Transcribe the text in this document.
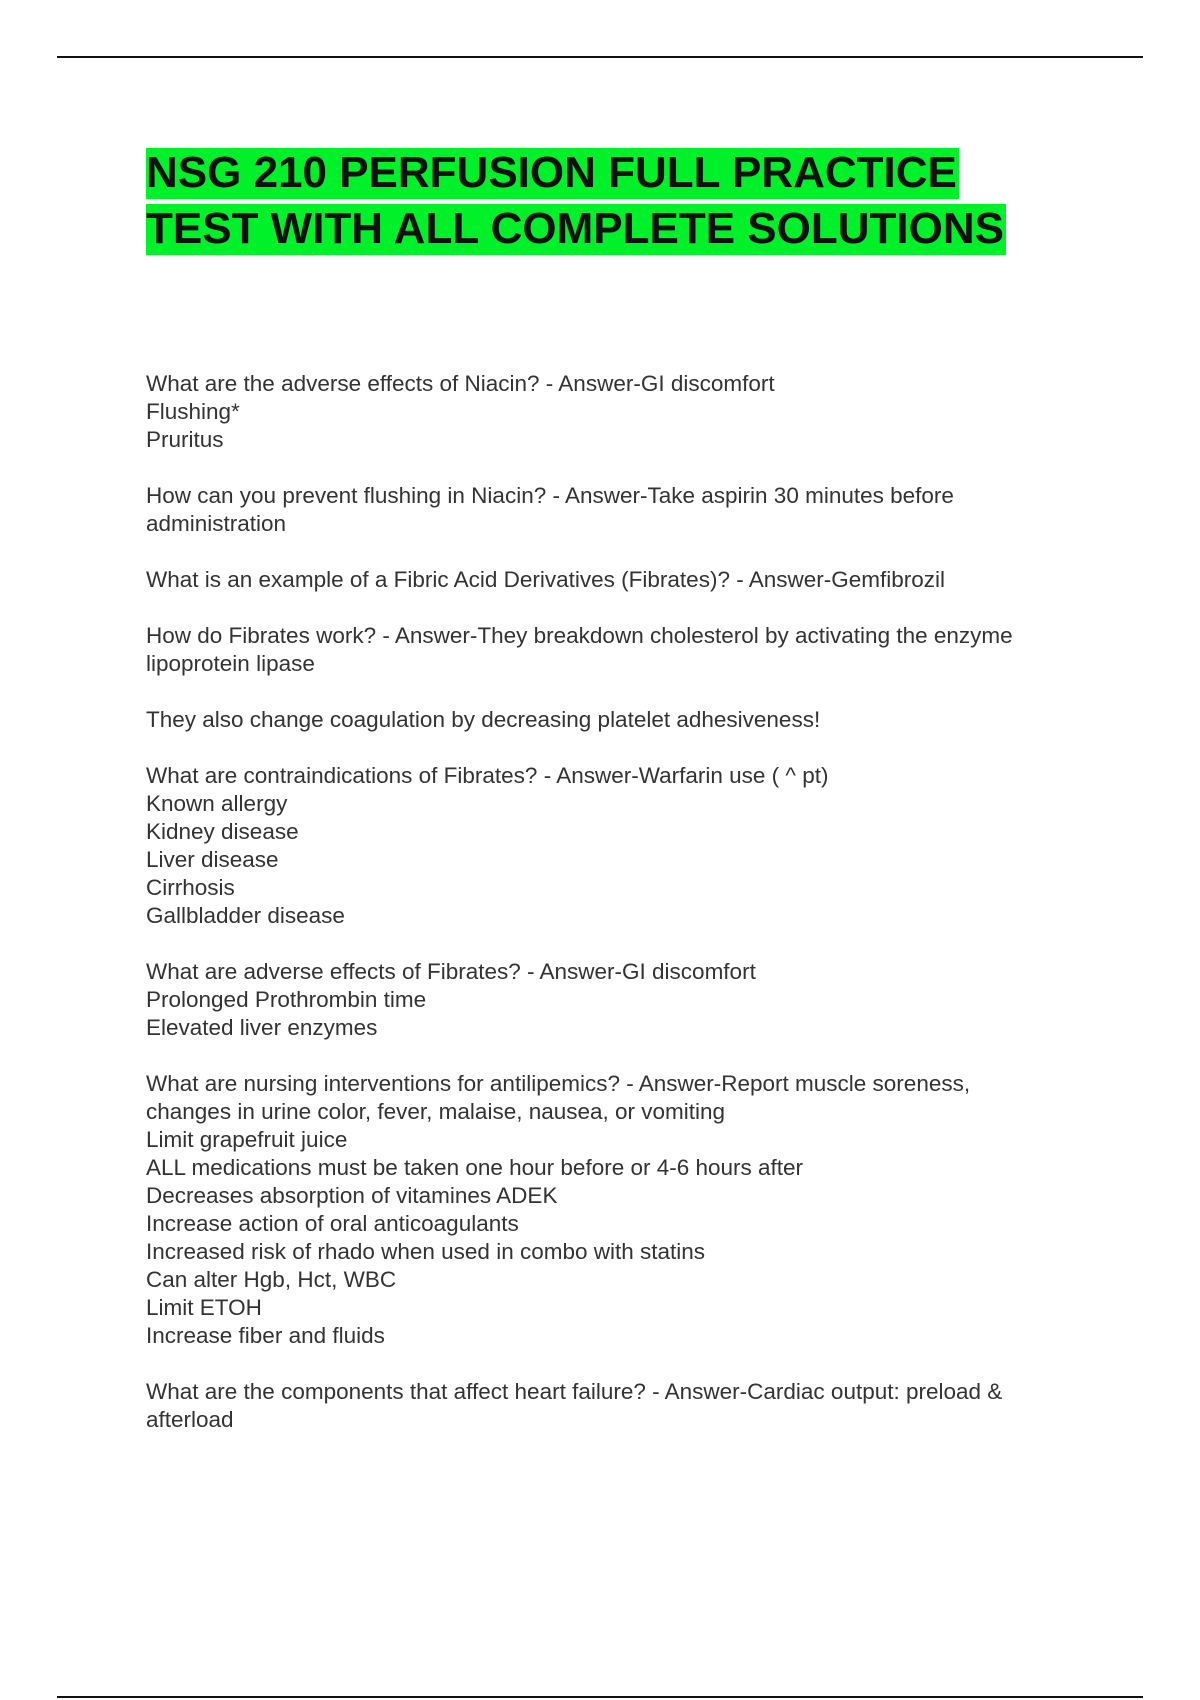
NSG 210 PERFUSION FULL PRACTICE
TEST WITH ALL COMPLETE SOLUTIONS
What are the adverse effects of Niacin? - Answer-GI discomfort
Flushing*
Pruritus
How can you prevent flushing in Niacin? - Answer-Take aspirin 30 minutes before
administration
What is an example of a Fibric Acid Derivatives (Fibrates)? - Answer-Gemfibrozil
How do Fibrates work? - Answer-They breakdown cholesterol by activating the enzyme
lipoprotein lipase
They also change coagulation by decreasing platelet adhesiveness!
What are contraindications of Fibrates? - Answer-Warfarin use ( ^ pt)
Known allergy
Kidney disease
Liver disease
Cirrhosis
Gallbladder disease
What are adverse effects of Fibrates? - Answer-GI discomfort
Prolonged Prothrombin time
Elevated liver enzymes
What are nursing interventions for antilipemics? - Answer-Report muscle soreness,
changes in urine color, fever, malaise, nausea, or vomiting
Limit grapefruit juice
ALL medications must be taken one hour before or 4-6 hours after
Decreases absorption of vitamines ADEK
Increase action of oral anticoagulants
Increased risk of rhado when used in combo with statins
Can alter Hgb, Hct, WBC
Limit ETOH
Increase fiber and fluids
What are the components that affect heart failure? - Answer-Cardiac output: preload &
afterload
